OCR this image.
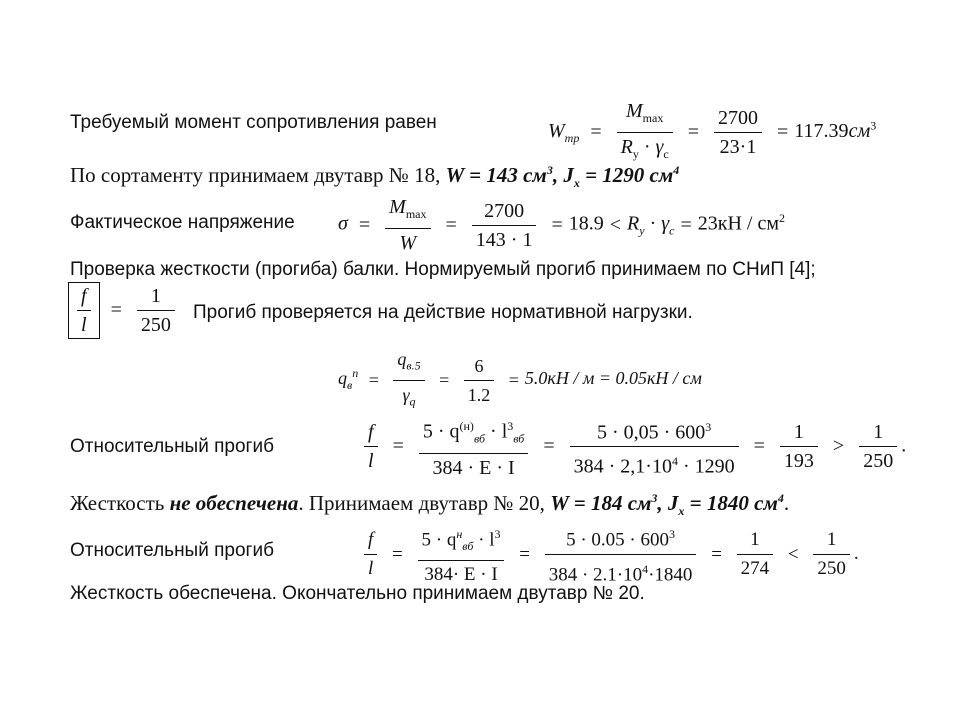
Требуемый момент сопротивления равен	$W_{тр} = \frac{M_{max}}{R_y \cdot \gamma_c} = \frac{2700}{23\cdot 1} = 117.39см^3$
По сортаменту принимаем двутавр № 18, W = 143 $см^3$, $J_x = 1290$ $см^4$
Фактическое напряжение $\sigma = \frac{M_{max}}{W} = \frac{2700}{143 \cdot 1} = 18.9 < R_y \cdot \gamma_c = 23кН / см^2$
Проверка жесткости (прогиба) балки. Нормируемый прогиб принимаем по СНиП [4];
$\frac{f}{l} = \frac{1}{250}$ Прогиб проверяется на действие нормативной нагрузки.
$q_в^n = \frac{q_{в.5}}{\gamma_q} = \frac{6}{1.2} = 5.0кН / м = 0.05кН$ / см
Относительный прогиб	$\frac{f}{l} = \frac{5 \cdot q^{(н)}_{вб} \cdot l^3_{вб}}{384 \cdot E \cdot I} = \frac{5 \cdot 0,05 \cdot 600^3}{384 \cdot 2,1\cdot 10^4 \cdot 1290} = \frac{1}{193} > \frac{1}{250}$ .
Жесткость не обеспечена. Принимаем двутавр № 20, W = 184 $см^3$, $J_x = 1840$ $см^4$.
Относительный прогиб	$\frac{f}{l} = \frac{5 \cdot q^н_{вб} \cdot l^3}{384\cdot E \cdot I} = \frac{5 \cdot 0.05 \cdot 600^3}{384 \cdot 2.1\cdot 10^4\cdot 1840} = \frac{1}{274} < \frac{1}{250}$ .
Жесткость обеспечена. Окончательно принимаем двутавр № 20.
